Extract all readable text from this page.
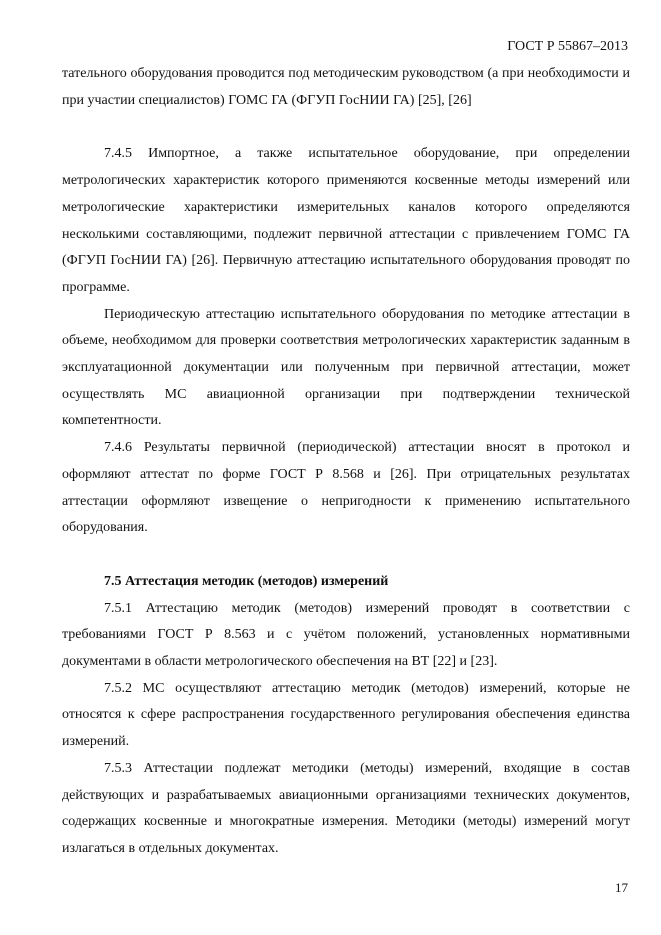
ГОСТ Р 55867–2013

тательного оборудования проводится под методическим руководством (а при необходимости и при участии специалистов) ГОМС ГА (ФГУП ГосНИИ ГА) [25], [26]

7.4.5 Импортное, а также испытательное оборудование, при определении метрологических характеристик которого применяются косвенные методы измерений или метрологические характеристики измерительных каналов которого определяются несколькими составляющими, подлежит первичной аттестации с привлечением ГОМС ГА (ФГУП ГосНИИ ГА) [26]. Первичную аттестацию испытательного оборудования проводят по программе.

Периодическую аттестацию испытательного оборудования по методике аттестации в объеме, необходимом для проверки соответствия метрологических характеристик заданным в эксплуатационной документации или полученным при первичной аттестации, может осуществлять МС авиационной организации при подтверждении технической компетентности.

7.4.6 Результаты первичной (периодической) аттестации вносят в протокол и оформляют аттестат по форме ГОСТ Р 8.568 и [26]. При отрицательных результатах аттестации оформляют извещение о непригодности к применению испытательного оборудования.

7.5 Аттестация методик (методов) измерений

7.5.1 Аттестацию методик (методов) измерений проводят в соответствии с требованиями ГОСТ Р 8.563 и с учётом положений, установленных нормативными документами в области метрологического обеспечения на ВТ [22] и [23].

7.5.2 МС осуществляют аттестацию методик (методов) измерений, которые не относятся к сфере распространения государственного регулирования обеспечения единства измерений.

7.5.3 Аттестации подлежат методики (методы) измерений, входящие в состав действующих и разрабатываемых авиационными организациями технических документов, содержащих косвенные и многократные измерения. Методики (методы) измерений могут излагаться в отдельных документах.

17
